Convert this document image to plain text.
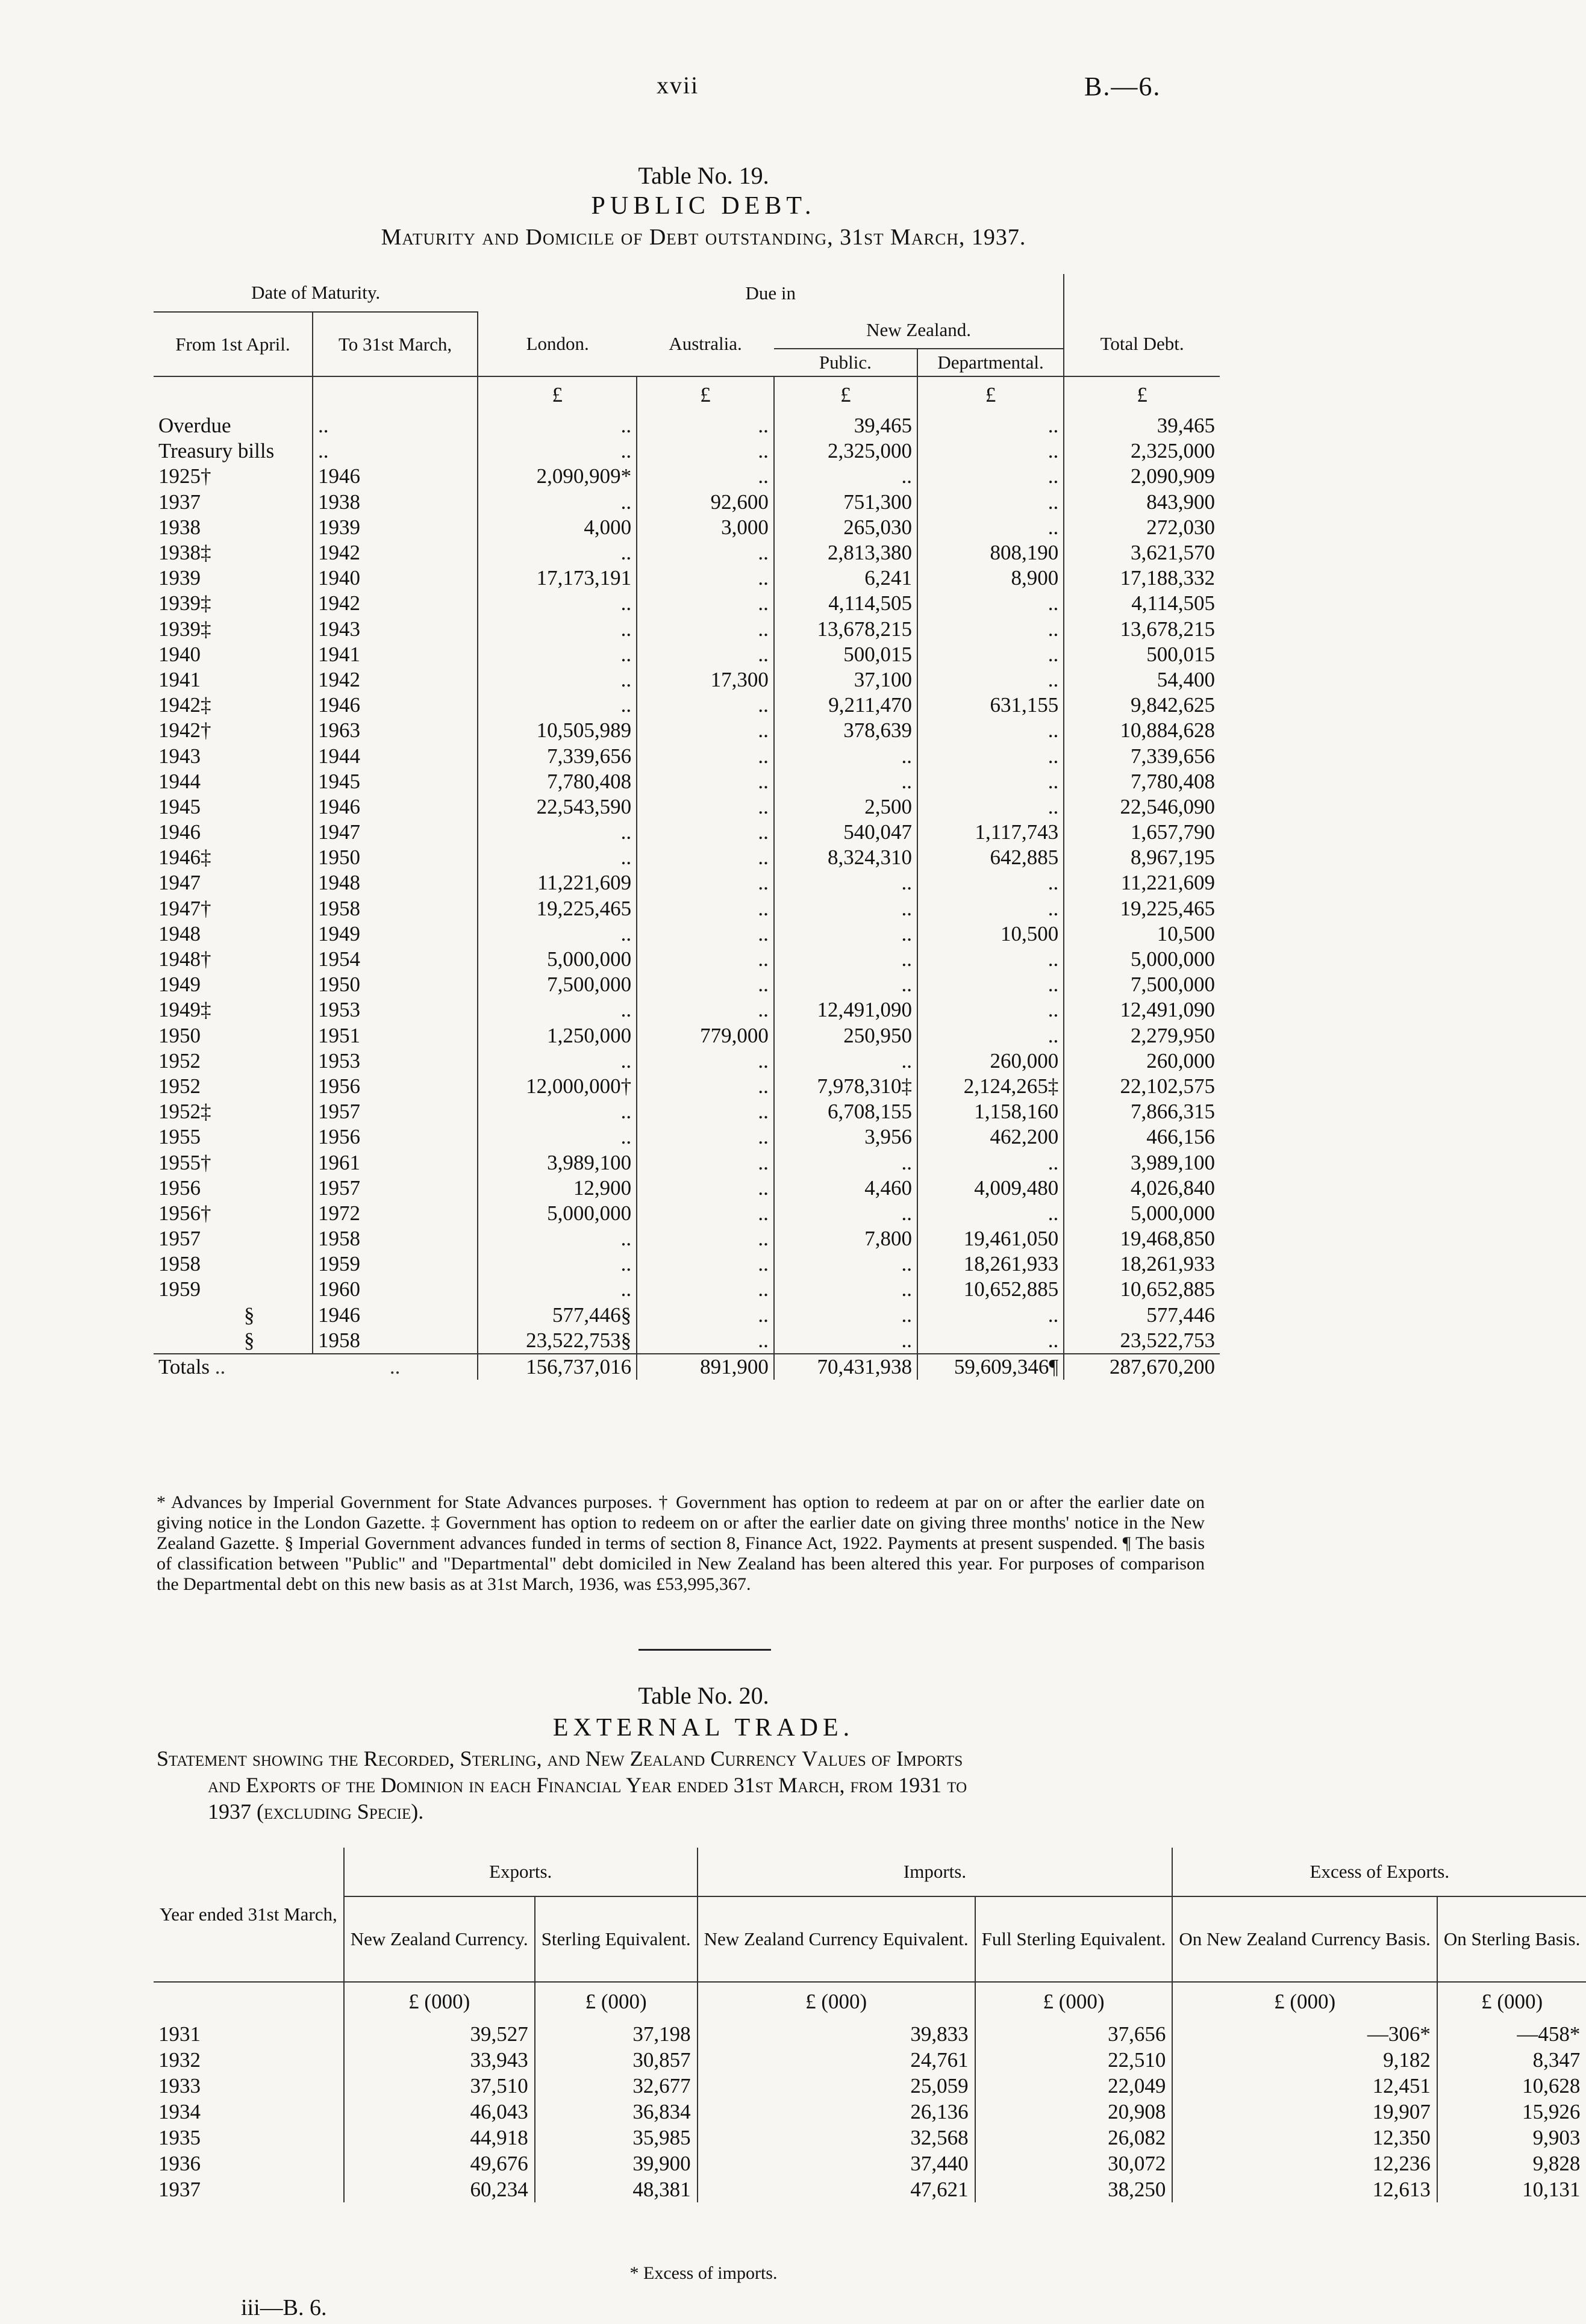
xvii	B.—6.
Table No. 19.
PUBLIC DEBT.
Maturity and Domicile of Debt outstanding, 31st March, 1937.
Date of Maturity.		Due in				
From 1st April.	To 31st March,	London.	Australia.	New Zealand.		Total Debt.
				Public.	Departmental.	
		£	£	£	£	£
Overdue	..	..	..	39,465	..	39,465
Treasury bills	..	..	..	2,325,000	..	2,325,000
1925†	1946	2,090,909*	..	..	..	2,090,909
1937	1938	..	92,600	751,300	..	843,900
1938	1939	4,000	3,000	265,030	..	272,030
1938‡	1942	..	..	2,813,380	808,190	3,621,570
1939	1940	17,173,191	..	6,241	8,900	17,188,332
1939‡	1942	..	..	4,114,505	..	4,114,505
1939‡	1943	..	..	13,678,215	..	13,678,215
1940	1941	..	..	500,015	..	500,015
1941	1942	..	17,300	37,100	..	54,400
1942‡	1946	..	..	9,211,470	631,155	9,842,625
1942†	1963	10,505,989	..	378,639	..	10,884,628
1943	1944	7,339,656	..	..	..	7,339,656
1944	1945	7,780,408	..	..	..	7,780,408
1945	1946	22,543,590	..	2,500	..	22,546,090
1946	1947	..	..	540,047	1,117,743	1,657,790
1946‡	1950	..	..	8,324,310	642,885	8,967,195
1947	1948	11,221,609	..	..	..	11,221,609
1947†	1958	19,225,465	..	..	..	19,225,465
1948	1949	..	..	..	10,500	10,500
1948†	1954	5,000,000	..	..	..	5,000,000
1949	1950	7,500,000	..	..	..	7,500,000
1949‡	1953	..	..	12,491,090	..	12,491,090
1950	1951	1,250,000	779,000	250,950	..	2,279,950
1952	1953	..	..	..	260,000	260,000
1952	1956	12,000,000†	..	7,978,310‡	2,124,265‡	22,102,575
1952‡	1957	..	..	6,708,155	1,158,160	7,866,315
1955	1956	..	..	3,956	462,200	466,156
1955†	1961	3,989,100	..	..	..	3,989,100
1956	1957	12,900	..	4,460	4,009,480	4,026,840
1956†	1972	5,000,000	..	..	..	5,000,000
1957	1958	..	..	7,800	19,461,050	19,468,850
1958	1959	..	..	..	18,261,933	18,261,933
1959	1960	..	..	..	10,652,885	10,652,885
§	1946	577,446§	..	..	..	577,446
§	1958	23,522,753§	..	..	..	23,522,753
Totals ..	..	156,737,016	891,900	70,431,938	59,609,346¶	287,670,200
* Advances by Imperial Government for State Advances purposes. † Government has option to redeem at par on or after the earlier date on giving notice in the London Gazette. ‡ Government has option to redeem on or after the earlier date on giving three months' notice in the New Zealand Gazette. § Imperial Government advances funded in terms of section 8, Finance Act, 1922. Payments at present suspended. ¶ The basis of classification between "Public" and "Departmental" debt domiciled in New Zealand has been altered this year. For purposes of comparison the Departmental debt on this new basis as at 31st March, 1936, was £53,995,367.
Table No. 20.
EXTERNAL TRADE.
Statement showing the Recorded, Sterling, and New Zealand Currency Values of Imports
and Exports of the Dominion in each Financial Year ended 31st March, from 1931 to
1937 (excluding Specie).
Year ended 31st March,	Exports.		Imports.		Excess of Exports.	
	New Zealand Currency.	Sterling Equivalent.	New Zealand Currency Equivalent.	Full Sterling Equivalent.	On New Zealand Currency Basis.	On Sterling Basis.
	£ (000)	£ (000)	£ (000)	£ (000)	£ (000)	£ (000)
1931	39,527	37,198	39,833	37,656	—306*	—458*
1932	33,943	30,857	24,761	22,510	9,182	8,347
1933	37,510	32,677	25,059	22,049	12,451	10,628
1934	46,043	36,834	26,136	20,908	19,907	15,926
1935	44,918	35,985	32,568	26,082	12,350	9,903
1936	49,676	39,900	37,440	30,072	12,236	9,828
1937	60,234	48,381	47,621	38,250	12,613	10,131
* Excess of imports.
iii—B. 6.
